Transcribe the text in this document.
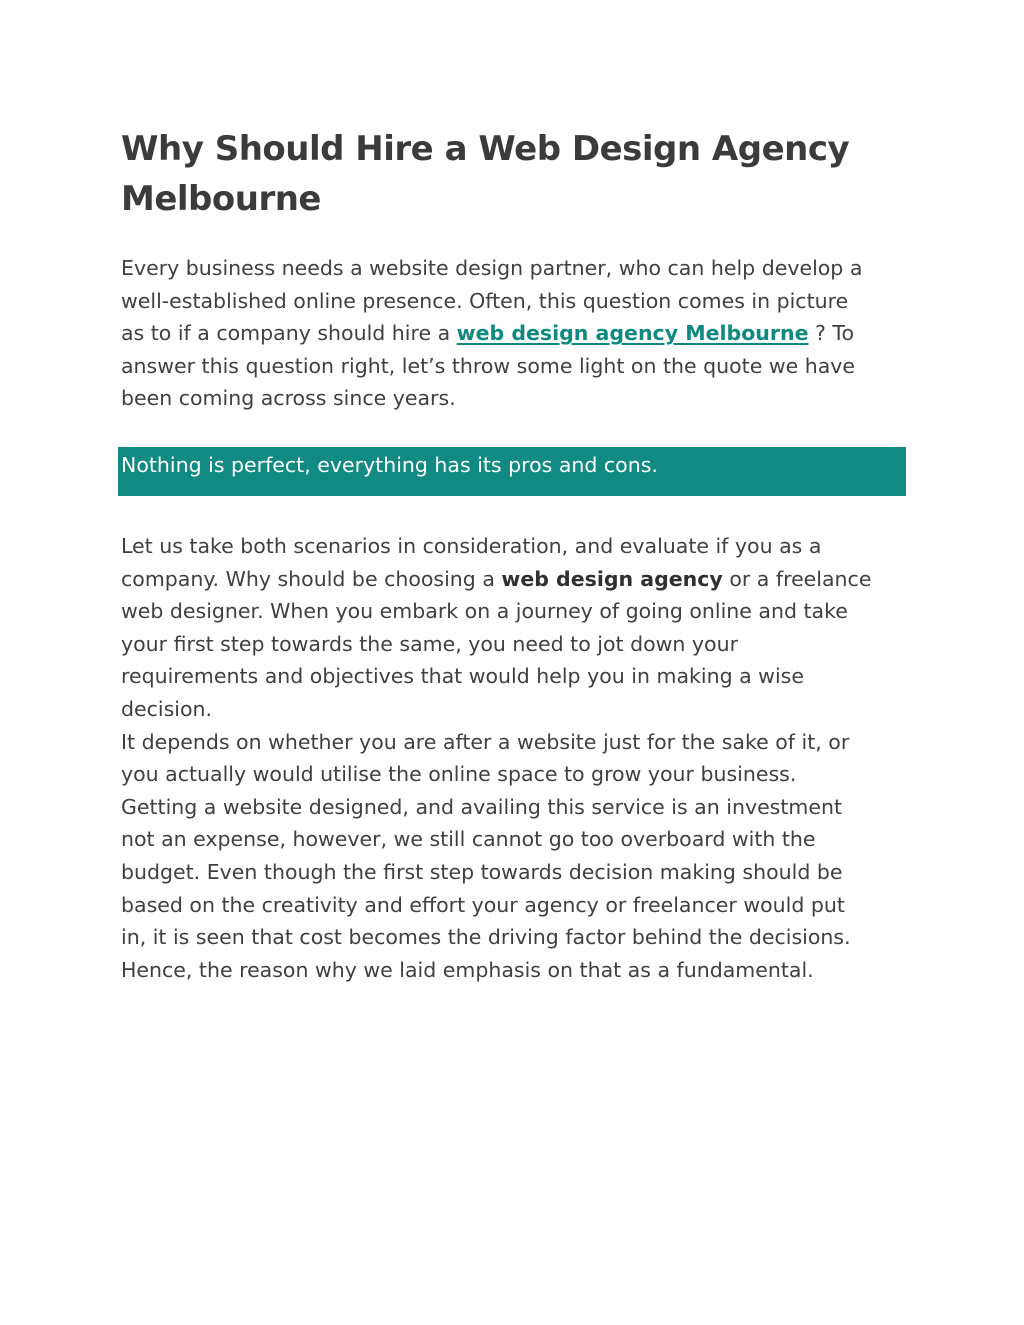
Why Should Hire a Web Design Agency
Melbourne

Every business needs a website design partner, who can help develop a
well-established online presence. Often, this question comes in picture
as to if a company should hire a web design agency Melbourne ? To
answer this question right, let’s throw some light on the quote we have
been coming across since years.

Nothing is perfect, everything has its pros and cons.

Let us take both scenarios in consideration, and evaluate if you as a
company. Why should be choosing a web design agency or a freelance
web designer. When you embark on a journey of going online and take
your first step towards the same, you need to jot down your
requirements and objectives that would help you in making a wise
decision.
It depends on whether you are after a website just for the sake of it, or
you actually would utilise the online space to grow your business.
Getting a website designed, and availing this service is an investment
not an expense, however, we still cannot go too overboard with the
budget. Even though the first step towards decision making should be
based on the creativity and effort your agency or freelancer would put
in, it is seen that cost becomes the driving factor behind the decisions.
Hence, the reason why we laid emphasis on that as a fundamental.
